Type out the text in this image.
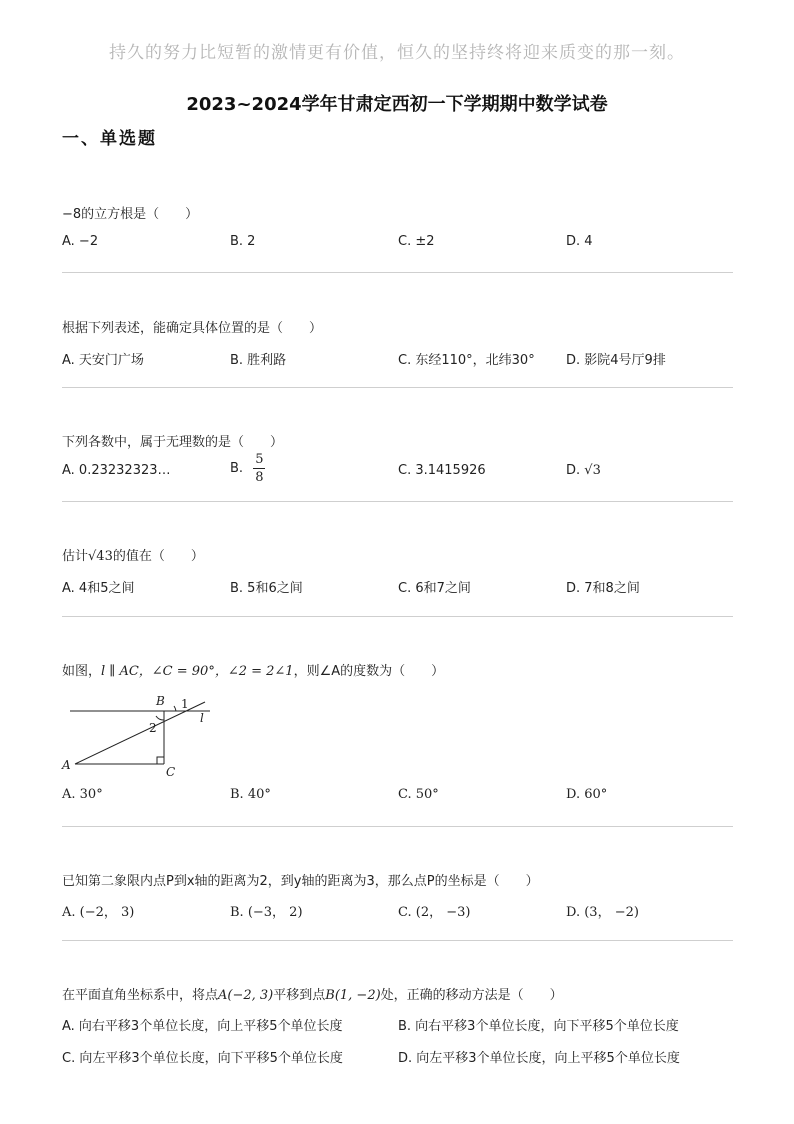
持久的努力比短暂的激情更有价值，恒久的坚持终将迎来质变的那一刻。
2023~2024学年甘肃定西初一下学期期中数学试卷
一、单选题
−8的立方根是（　　）
A. −2	B. 2	C. ±2	D. 4
根据下列表述，能确定具体位置的是（　　）
A. 天安门广场	B. 胜利路	C. 东经110°，北纬30° D. 影院4号厅9排
下列各数中，属于无理数的是（　　）
A. 0.23232323…	B. $\frac{5}{8}$	C. 3.1415926	D. √3
估计√43的值在（　　）
A. 4和5之间	B. 5和6之间	C. 6和7之间	D. 7和8之间
如图，l ∥ AC，∠C = 90°，∠2 = 2∠1，则∠A的度数为（　　）
B 1
l
2
A	C
A. 30°	B. 40°	C. 50°	D. 60°
已知第二象限内点P到x轴的距离为2，到y轴的距离为3，那么点P的坐标是（　　）
A. (−2， 3)	B. (−3， 2)	C. (2， −3)	D. (3， −2)
在平面直角坐标系中，将点A(−2, 3)平移到点B(1, −2)处，正确的移动方法是（　　）
A. 向右平移3个单位长度，向上平移5个单位长度	B. 向右平移3个单位长度，向下平移5个单位长度
C. 向左平移3个单位长度，向下平移5个单位长度	D. 向左平移3个单位长度，向上平移5个单位长度
